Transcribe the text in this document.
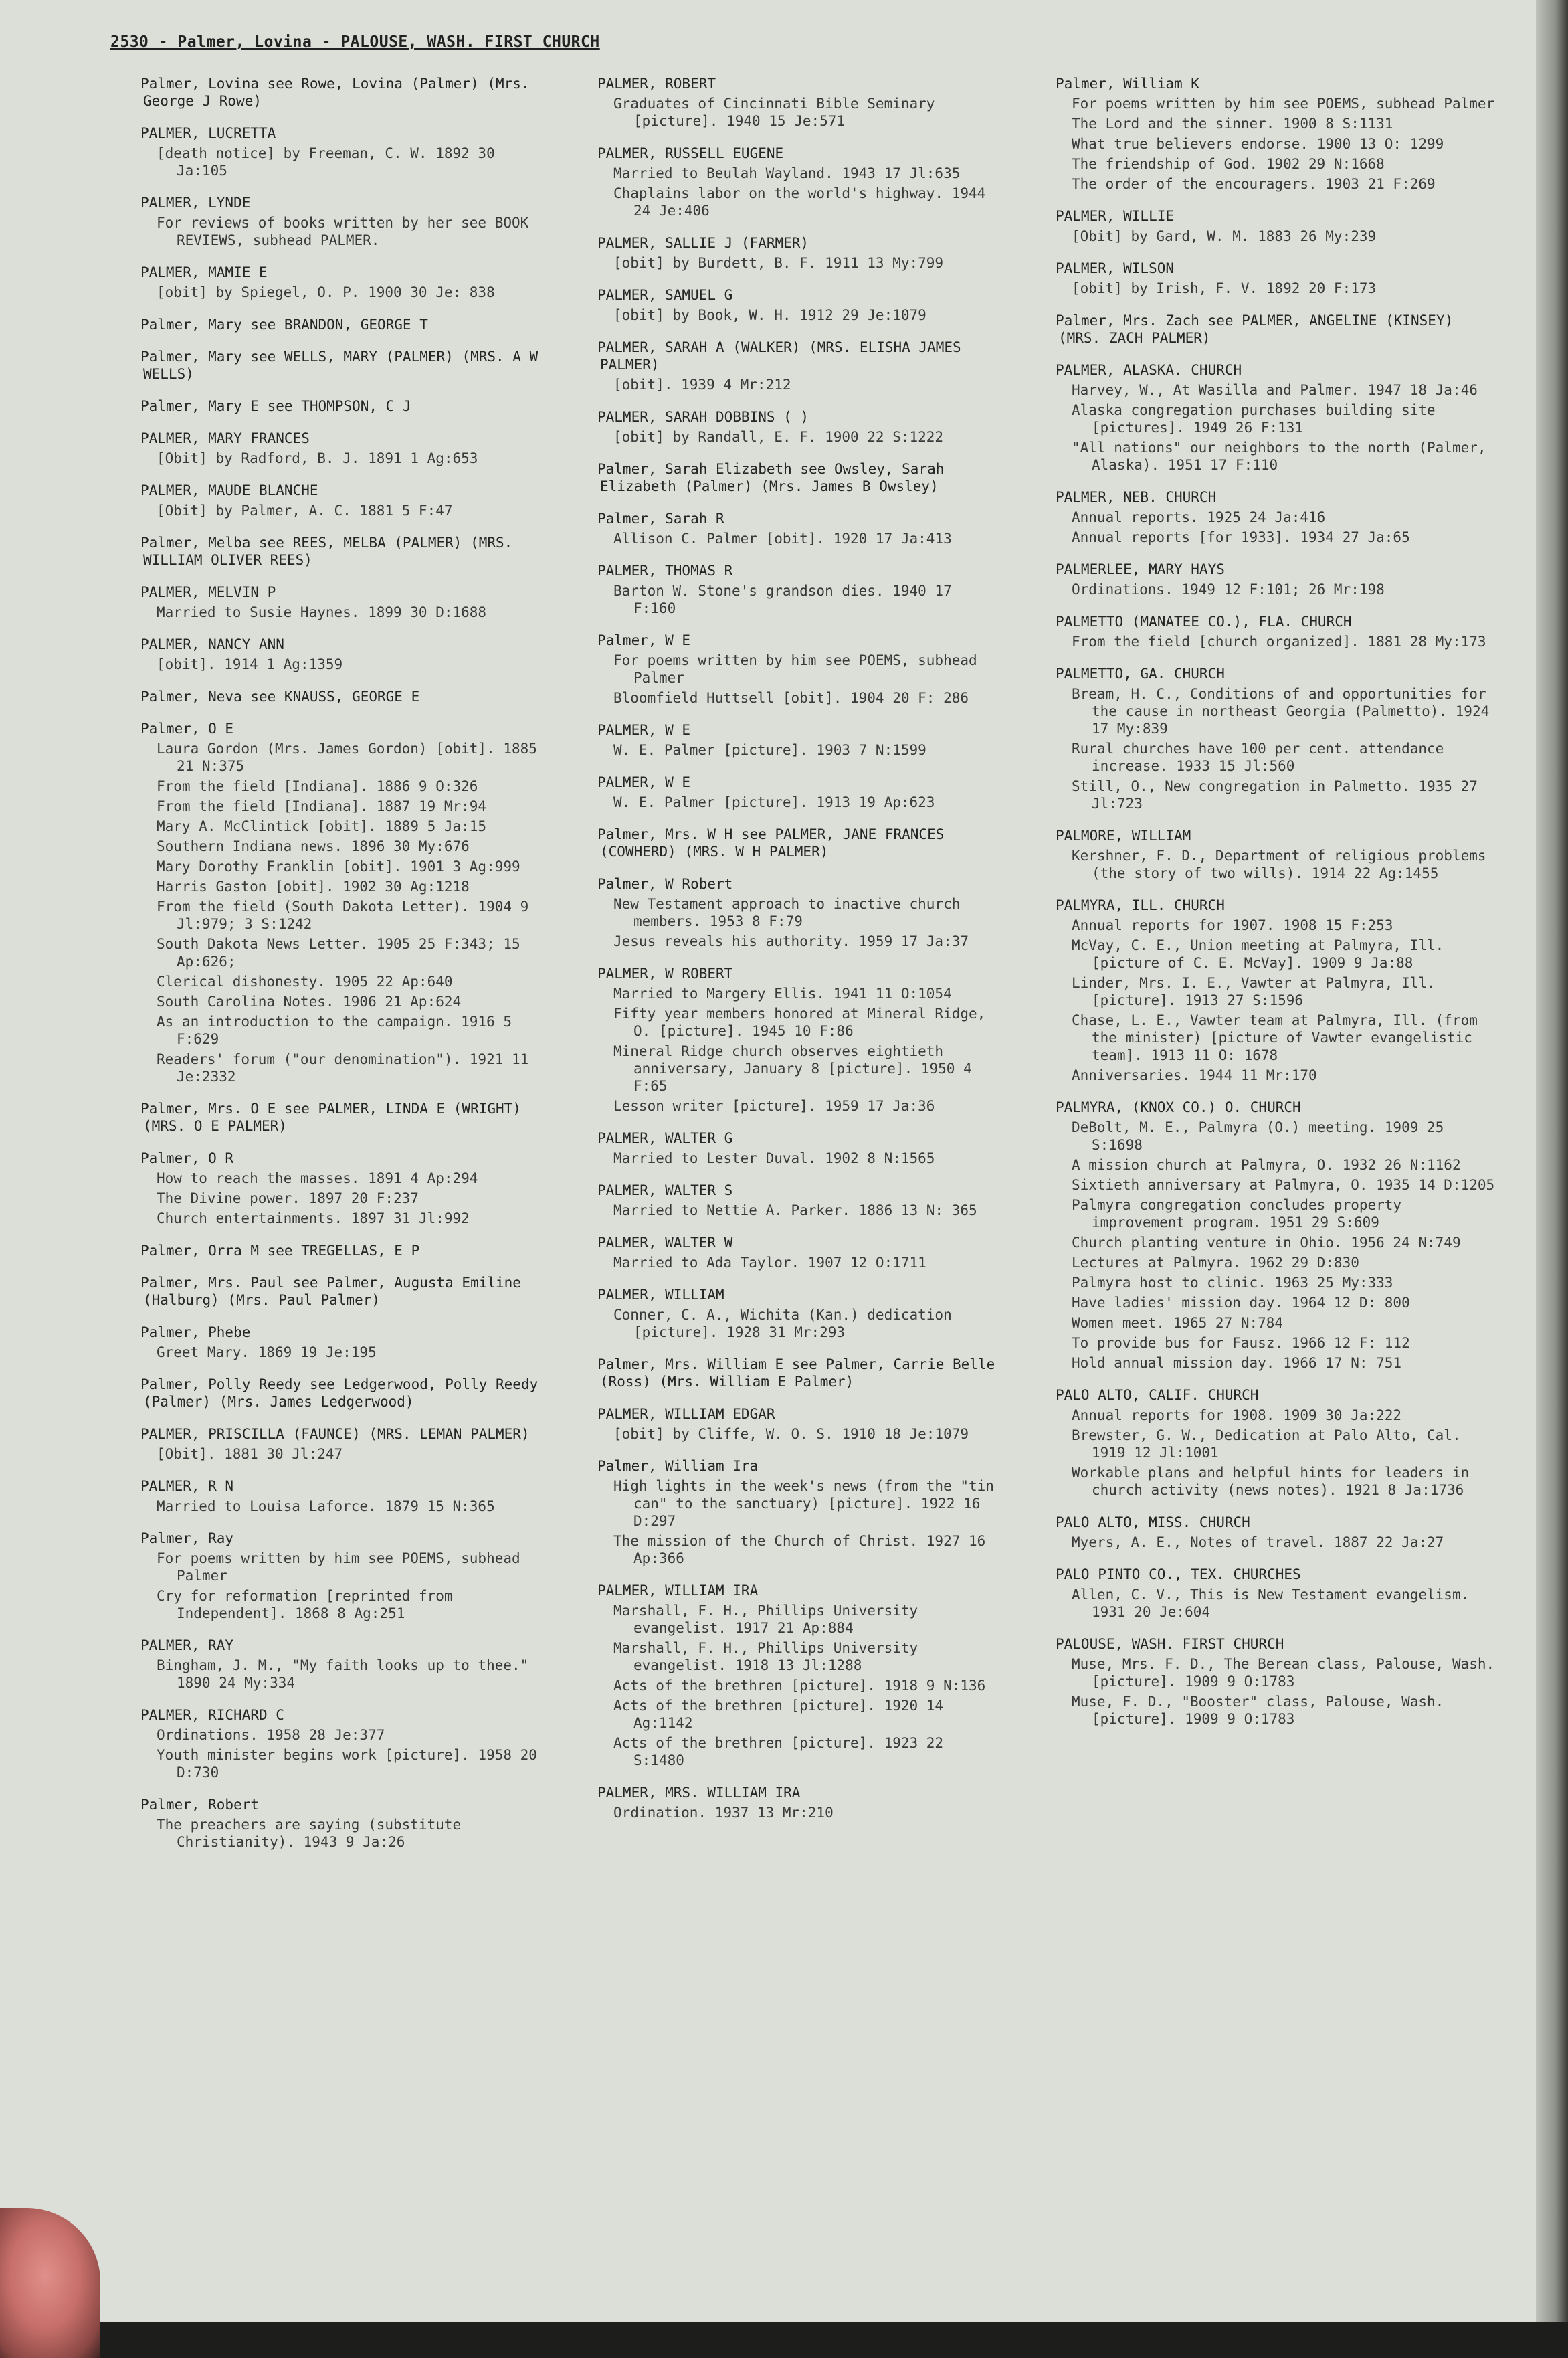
2530 - Palmer, Lovina - PALOUSE, WASH. FIRST CHURCH
Palmer, Lovina see Rowe, Lovina (Palmer) (Mrs. George J Rowe)
PALMER, LUCRETTA
[death notice] by Freeman, C. W. 1892 30 Ja:105
PALMER, LYNDE
For reviews of books written by her see BOOK REVIEWS, subhead PALMER.
PALMER, MAMIE E
[obit] by Spiegel, O. P. 1900 30 Je: 838
Palmer, Mary see BRANDON, GEORGE T
Palmer, Mary see WELLS, MARY (PALMER) (MRS. A W WELLS)
Palmer, Mary E see THOMPSON, C J
PALMER, MARY FRANCES
[Obit] by Radford, B. J. 1891 1 Ag:653
PALMER, MAUDE BLANCHE
[Obit] by Palmer, A. C. 1881 5 F:47
Palmer, Melba see REES, MELBA (PALMER) (MRS. WILLIAM OLIVER REES)
PALMER, MELVIN P
Married to Susie Haynes. 1899 30 D:1688
PALMER, NANCY ANN
[obit]. 1914 1 Ag:1359
Palmer, Neva see KNAUSS, GEORGE E
Palmer, O E
Laura Gordon (Mrs. James Gordon) [obit]. 1885 21 N:375
From the field [Indiana]. 1886 9 O:326
From the field [Indiana]. 1887 19 Mr:94
Mary A. McClintick [obit]. 1889 5 Ja:15
Southern Indiana news. 1896 30 My:676
Mary Dorothy Franklin [obit]. 1901 3 Ag:999
Harris Gaston [obit]. 1902 30 Ag:1218
From the field (South Dakota Letter). 1904 9 Jl:979; 3 S:1242
South Dakota News Letter. 1905 25 F:343; 15 Ap:626;
Clerical dishonesty. 1905 22 Ap:640
South Carolina Notes. 1906 21 Ap:624
As an introduction to the campaign. 1916 5 F:629
Readers' forum ("our denomination"). 1921 11 Je:2332
Palmer, Mrs. O E see PALMER, LINDA E (WRIGHT) (MRS. O E PALMER)
Palmer, O R
How to reach the masses. 1891 4 Ap:294
The Divine power. 1897 20 F:237
Church entertainments. 1897 31 Jl:992
Palmer, Orra M see TREGELLAS, E P
Palmer, Mrs. Paul see Palmer, Augusta Emiline (Halburg) (Mrs. Paul Palmer)
Palmer, Phebe
Greet Mary. 1869 19 Je:195
Palmer, Polly Reedy see Ledgerwood, Polly Reedy (Palmer) (Mrs. James Ledgerwood)
PALMER, PRISCILLA (FAUNCE) (MRS. LEMAN PALMER)
[Obit]. 1881 30 Jl:247
PALMER, R N
Married to Louisa Laforce. 1879 15 N:365
Palmer, Ray
For poems written by him see POEMS, subhead Palmer
Cry for reformation [reprinted from Independent]. 1868 8 Ag:251
PALMER, RAY
Bingham, J. M., "My faith looks up to thee." 1890 24 My:334
PALMER, RICHARD C
Ordinations. 1958 28 Je:377
Youth minister begins work [picture]. 1958 20 D:730
Palmer, Robert
The preachers are saying (substitute Christianity). 1943 9 Ja:26
PALMER, ROBERT
Graduates of Cincinnati Bible Seminary [picture]. 1940 15 Je:571
PALMER, RUSSELL EUGENE
Married to Beulah Wayland. 1943 17 Jl:635
Chaplains labor on the world's highway. 1944 24 Je:406
PALMER, SALLIE J (FARMER)
[obit] by Burdett, B. F. 1911 13 My:799
PALMER, SAMUEL G
[obit] by Book, W. H. 1912 29 Je:1079
PALMER, SARAH A (WALKER) (MRS. ELISHA JAMES PALMER)
[obit]. 1939 4 Mr:212
PALMER, SARAH DOBBINS ( )
[obit] by Randall, E. F. 1900 22 S:1222
Palmer, Sarah Elizabeth see Owsley, Sarah Elizabeth (Palmer) (Mrs. James B Owsley)
Palmer, Sarah R
Allison C. Palmer [obit]. 1920 17 Ja:413
PALMER, THOMAS R
Barton W. Stone's grandson dies. 1940 17 F:160
Palmer, W E
For poems written by him see POEMS, subhead Palmer
Bloomfield Huttsell [obit]. 1904 20 F: 286
PALMER, W E
W. E. Palmer [picture]. 1903 7 N:1599
PALMER, W E
W. E. Palmer [picture]. 1913 19 Ap:623
Palmer, Mrs. W H see PALMER, JANE FRANCES (COWHERD) (MRS. W H PALMER)
Palmer, W Robert
New Testament approach to inactive church members. 1953 8 F:79
Jesus reveals his authority. 1959 17 Ja:37
PALMER, W ROBERT
Married to Margery Ellis. 1941 11 O:1054
Fifty year members honored at Mineral Ridge, O. [picture]. 1945 10 F:86
Mineral Ridge church observes eightieth anniversary, January 8 [picture]. 1950 4 F:65
Lesson writer [picture]. 1959 17 Ja:36
PALMER, WALTER G
Married to Lester Duval. 1902 8 N:1565
PALMER, WALTER S
Married to Nettie A. Parker. 1886 13 N: 365
PALMER, WALTER W
Married to Ada Taylor. 1907 12 O:1711
PALMER, WILLIAM
Conner, C. A., Wichita (Kan.) dedication [picture]. 1928 31 Mr:293
Palmer, Mrs. William E see Palmer, Carrie Belle (Ross) (Mrs. William E Palmer)
PALMER, WILLIAM EDGAR
[obit] by Cliffe, W. O. S. 1910 18 Je:1079
Palmer, William Ira
High lights in the week's news (from the "tin can" to the sanctuary) [picture]. 1922 16 D:297
The mission of the Church of Christ. 1927 16 Ap:366
PALMER, WILLIAM IRA
Marshall, F. H., Phillips University evangelist. 1917 21 Ap:884
Marshall, F. H., Phillips University evangelist. 1918 13 Jl:1288
Acts of the brethren [picture]. 1918 9 N:136
Acts of the brethren [picture]. 1920 14 Ag:1142
Acts of the brethren [picture]. 1923 22 S:1480
PALMER, MRS. WILLIAM IRA
Ordination. 1937 13 Mr:210
Palmer, William K
For poems written by him see POEMS, subhead Palmer
The Lord and the sinner. 1900 8 S:1131
What true believers endorse. 1900 13 O: 1299
The friendship of God. 1902 29 N:1668
The order of the encouragers. 1903 21 F:269
PALMER, WILLIE
[Obit] by Gard, W. M. 1883 26 My:239
PALMER, WILSON
[obit] by Irish, F. V. 1892 20 F:173
Palmer, Mrs. Zach see PALMER, ANGELINE (KINSEY) (MRS. ZACH PALMER)
PALMER, ALASKA. CHURCH
Harvey, W., At Wasilla and Palmer. 1947 18 Ja:46
Alaska congregation purchases building site [pictures]. 1949 26 F:131
"All nations" our neighbors to the north (Palmer, Alaska). 1951 17 F:110
PALMER, NEB. CHURCH
Annual reports. 1925 24 Ja:416
Annual reports [for 1933]. 1934 27 Ja:65
PALMERLEE, MARY HAYS
Ordinations. 1949 12 F:101; 26 Mr:198
PALMETTO (MANATEE CO.), FLA. CHURCH
From the field [church organized]. 1881 28 My:173
PALMETTO, GA. CHURCH
Bream, H. C., Conditions of and opportunities for the cause in northeast Georgia (Palmetto). 1924 17 My:839
Rural churches have 100 per cent. attendance increase. 1933 15 Jl:560
Still, O., New congregation in Palmetto. 1935 27 Jl:723
PALMORE, WILLIAM
Kershner, F. D., Department of religious problems (the story of two wills). 1914 22 Ag:1455
PALMYRA, ILL. CHURCH
Annual reports for 1907. 1908 15 F:253
McVay, C. E., Union meeting at Palmyra, Ill. [picture of C. E. McVay]. 1909 9 Ja:88
Linder, Mrs. I. E., Vawter at Palmyra, Ill. [picture]. 1913 27 S:1596
Chase, L. E., Vawter team at Palmyra, Ill. (from the minister) [picture of Vawter evangelistic team]. 1913 11 O: 1678
Anniversaries. 1944 11 Mr:170
PALMYRA, (KNOX CO.) O. CHURCH
DeBolt, M. E., Palmyra (O.) meeting. 1909 25 S:1698
A mission church at Palmyra, O. 1932 26 N:1162
Sixtieth anniversary at Palmyra, O. 1935 14 D:1205
Palmyra congregation concludes property improvement program. 1951 29 S:609
Church planting venture in Ohio. 1956 24 N:749
Lectures at Palmyra. 1962 29 D:830
Palmyra host to clinic. 1963 25 My:333
Have ladies' mission day. 1964 12 D: 800
Women meet. 1965 27 N:784
To provide bus for Fausz. 1966 12 F: 112
Hold annual mission day. 1966 17 N: 751
PALO ALTO, CALIF. CHURCH
Annual reports for 1908. 1909 30 Ja:222
Brewster, G. W., Dedication at Palo Alto, Cal. 1919 12 Jl:1001
Workable plans and helpful hints for leaders in church activity (news notes). 1921 8 Ja:1736
PALO ALTO, MISS. CHURCH
Myers, A. E., Notes of travel. 1887 22 Ja:27
PALO PINTO CO., TEX. CHURCHES
Allen, C. V., This is New Testament evangelism. 1931 20 Je:604
PALOUSE, WASH. FIRST CHURCH
Muse, Mrs. F. D., The Berean class, Palouse, Wash. [picture]. 1909 9 O:1783
Muse, F. D., "Booster" class, Palouse, Wash. [picture]. 1909 9 O:1783
